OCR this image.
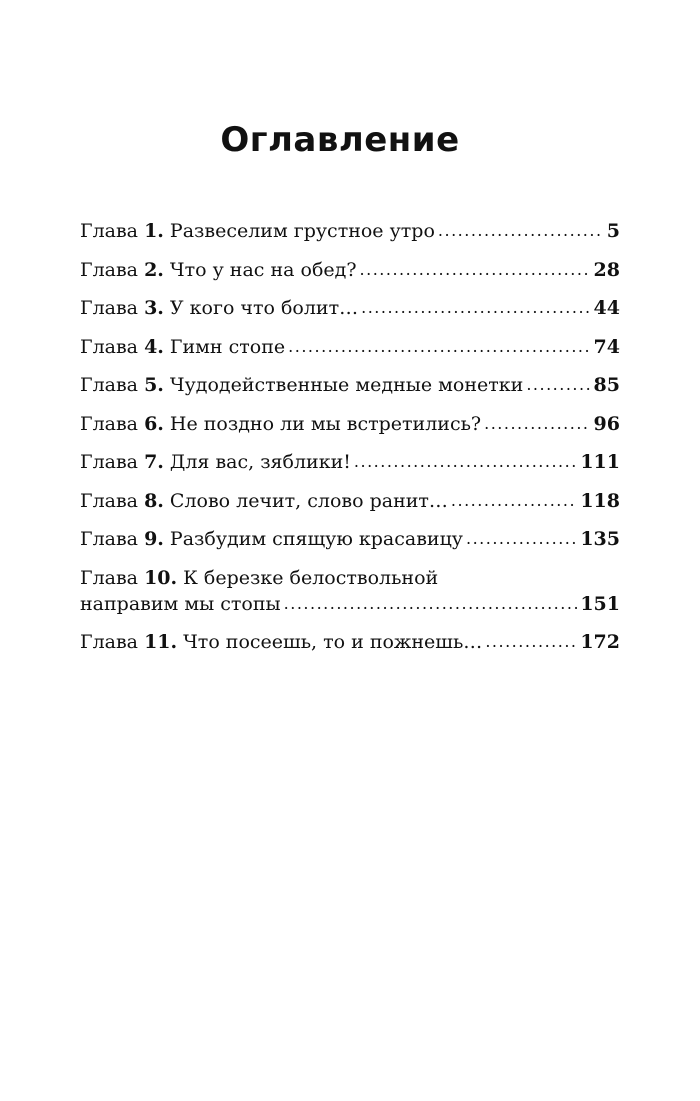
Оглавление
Глава 1. Развеселим грустное утро .....	5
Глава 2. Что у нас на обед? .....	28
Глава 3. У кого что болит… .....	44
Глава 4. Гимн стопе .....	74
Глава 5. Чудодейственные медные монетки .....	85
Глава 6. Не поздно ли мы встретились? .....	96
Глава 7. Для вас, зяблики! .....	111
Глава 8. Слово лечит, слово ранит… .....	118
Глава 9. Разбудим спящую красавицу .....	135
Глава 10. К березке белоствольной
направим мы стопы .....	151
Глава 11. Что посеешь, то и пожнешь… .....	172
